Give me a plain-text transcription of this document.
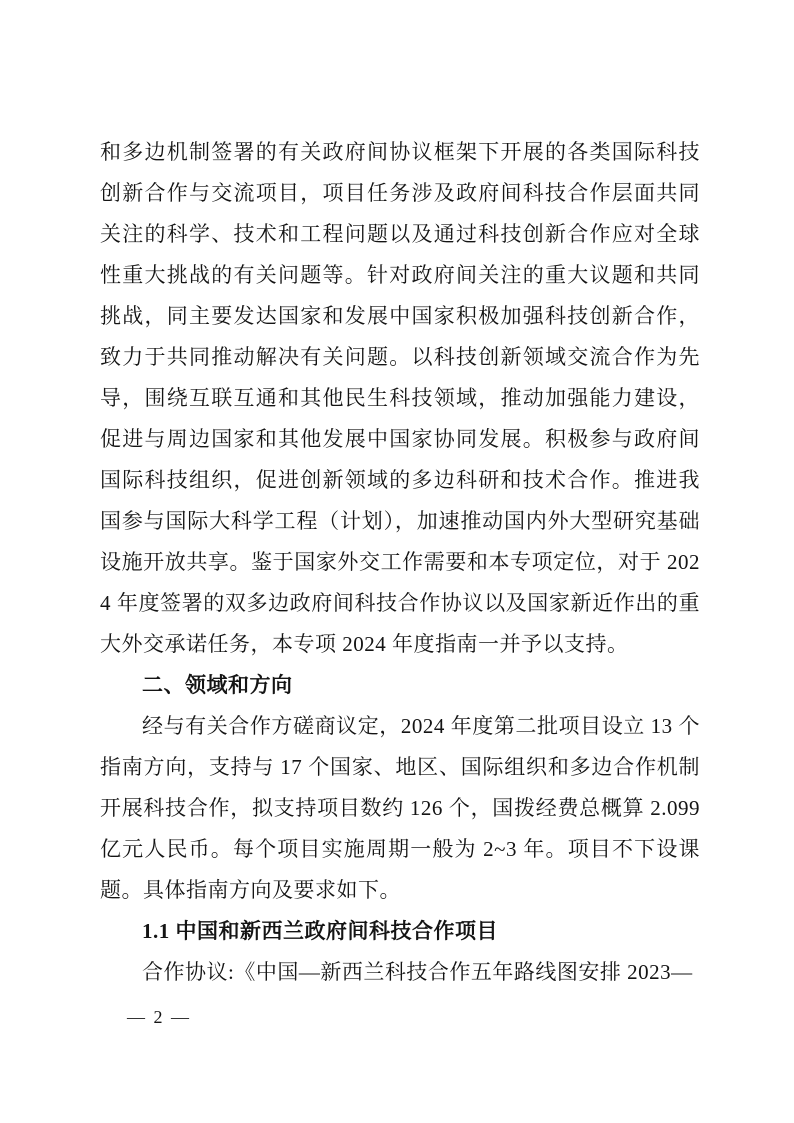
和多边机制签署的有关政府间协议框架下开展的各类国际科技创新合作与交流项目，项目任务涉及政府间科技合作层面共同关注的科学、技术和工程问题以及通过科技创新合作应对全球性重大挑战的有关问题等。针对政府间关注的重大议题和共同挑战，同主要发达国家和发展中国家积极加强科技创新合作，致力于共同推动解决有关问题。以科技创新领域交流合作为先导，围绕互联互通和其他民生科技领域，推动加强能力建设，促进与周边国家和其他发展中国家协同发展。积极参与政府间国际科技组织，促进创新领域的多边科研和技术合作。推进我国参与国际大科学工程（计划），加速推动国内外大型研究基础设施开放共享。鉴于国家外交工作需要和本专项定位，对于 2024 年度签署的双多边政府间科技合作协议以及国家新近作出的重大外交承诺任务，本专项 2024 年度指南一并予以支持。

二、领域和方向

经与有关合作方磋商议定，2024 年度第二批项目设立 13 个指南方向，支持与 17 个国家、地区、国际组织和多边合作机制开展科技合作，拟支持项目数约 126 个，国拨经费总概算 2.099 亿元人民币。每个项目实施周期一般为 2~3 年。项目不下设课题。具体指南方向及要求如下。

1.1 中国和新西兰政府间科技合作项目

合作协议:《中国—新西兰科技合作五年路线图安排 2023—

— 2 —
